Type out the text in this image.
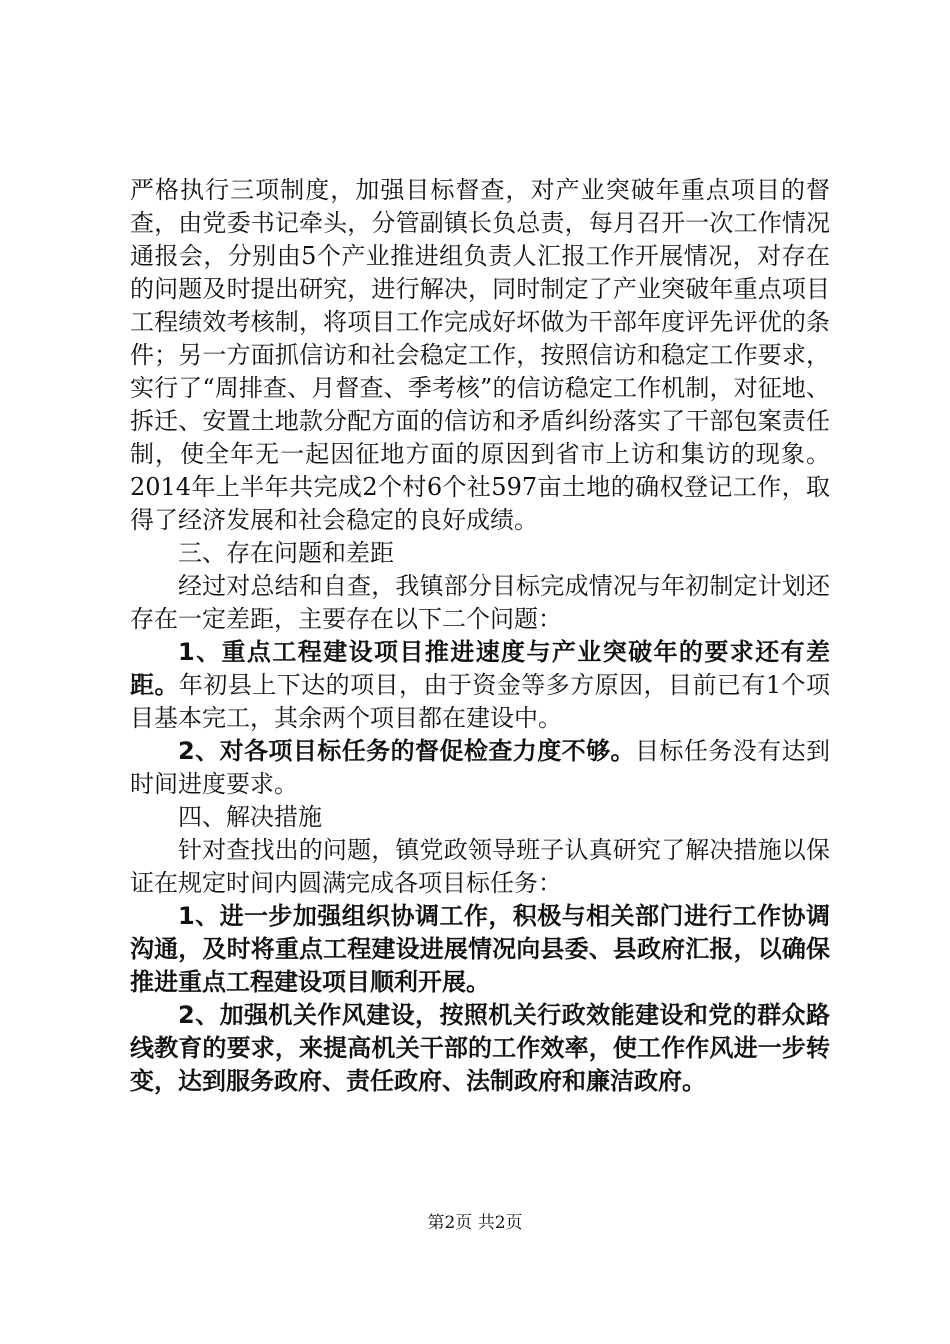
严格执行三项制度，加强目标督查，对产业突破年重点项目的督查，由党委书记牵头，分管副镇长负总责，每月召开一次工作情况通报会，分别由5个产业推进组负责人汇报工作开展情况，对存在的问题及时提出研究，进行解决，同时制定了产业突破年重点项目工程绩效考核制，将项目工作完成好坏做为干部年度评先评优的条件；另一方面抓信访和社会稳定工作，按照信访和稳定工作要求，实行了“周排查、月督查、季考核”的信访稳定工作机制，对征地、拆迁、安置土地款分配方面的信访和矛盾纠纷落实了干部包案责任制，使全年无一起因征地方面的原因到省市上访和集访的现象。2014年上半年共完成2个村6个社597亩土地的确权登记工作，取得了经济发展和社会稳定的良好成绩。

三、存在问题和差距

经过对总结和自查，我镇部分目标完成情况与年初制定计划还存在一定差距，主要存在以下二个问题：

1、重点工程建设项目推进速度与产业突破年的要求还有差距。年初县上下达的项目，由于资金等多方原因，目前已有1个项目基本完工，其余两个项目都在建设中。

2、对各项目标任务的督促检查力度不够。目标任务没有达到时间进度要求。

四、解决措施

针对查找出的问题，镇党政领导班子认真研究了解决措施以保证在规定时间内圆满完成各项目标任务：

1、进一步加强组织协调工作，积极与相关部门进行工作协调沟通，及时将重点工程建设进展情况向县委、县政府汇报，以确保推进重点工程建设项目顺利开展。

2、加强机关作风建设，按照机关行政效能建设和党的群众路线教育的要求，来提高机关干部的工作效率，使工作作风进一步转变，达到服务政府、责任政府、法制政府和廉洁政府。

第2页 共2页
